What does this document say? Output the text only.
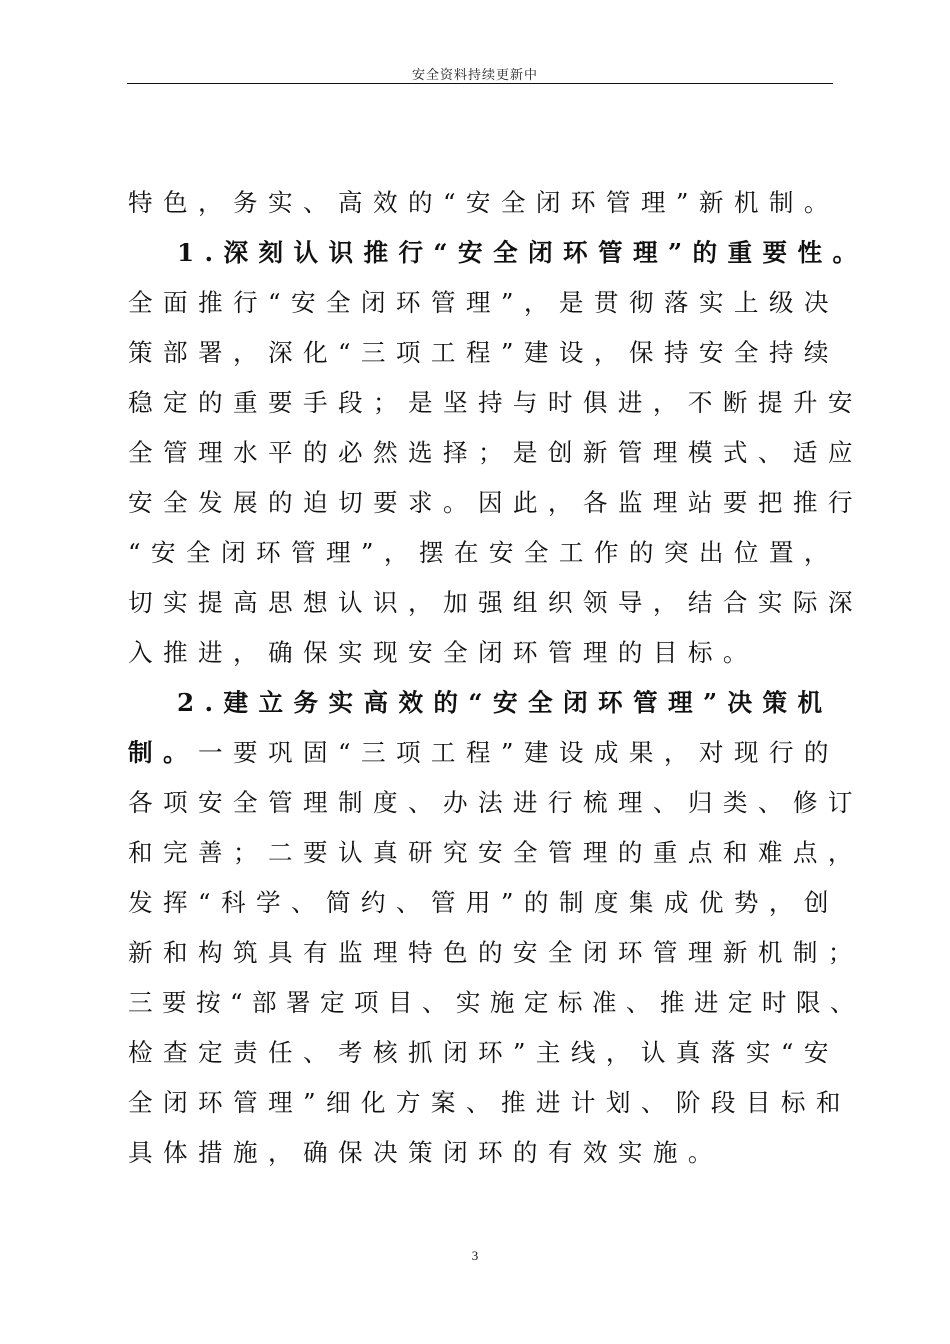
安全资料持续更新中
特色，务实、高效的“安全闭环管理”新机制。
1.深刻认识推行“安全闭环管理”的重要性。
全面推行“安全闭环管理”，是贯彻落实上级决
策部署，深化“三项工程”建设，保持安全持续
稳定的重要手段；是坚持与时俱进，不断提升安
全管理水平的必然选择；是创新管理模式、适应
安全发展的迫切要求。因此，各监理站要把推行
“安全闭环管理”，摆在安全工作的突出位置，
切实提高思想认识，加强组织领导，结合实际深
入推进，确保实现安全闭环管理的目标。
2.建立务实高效的“安全闭环管理”决策机
制。一要巩固“三项工程”建设成果，对现行的
各项安全管理制度、办法进行梳理、归类、修订
和完善；二要认真研究安全管理的重点和难点，
发挥“科学、简约、管用”的制度集成优势，创
新和构筑具有监理特色的安全闭环管理新机制；
三要按“部署定项目、实施定标准、推进定时限、
检查定责任、考核抓闭环”主线，认真落实“安
全闭环管理”细化方案、推进计划、阶段目标和
具体措施，确保决策闭环的有效实施。
3
